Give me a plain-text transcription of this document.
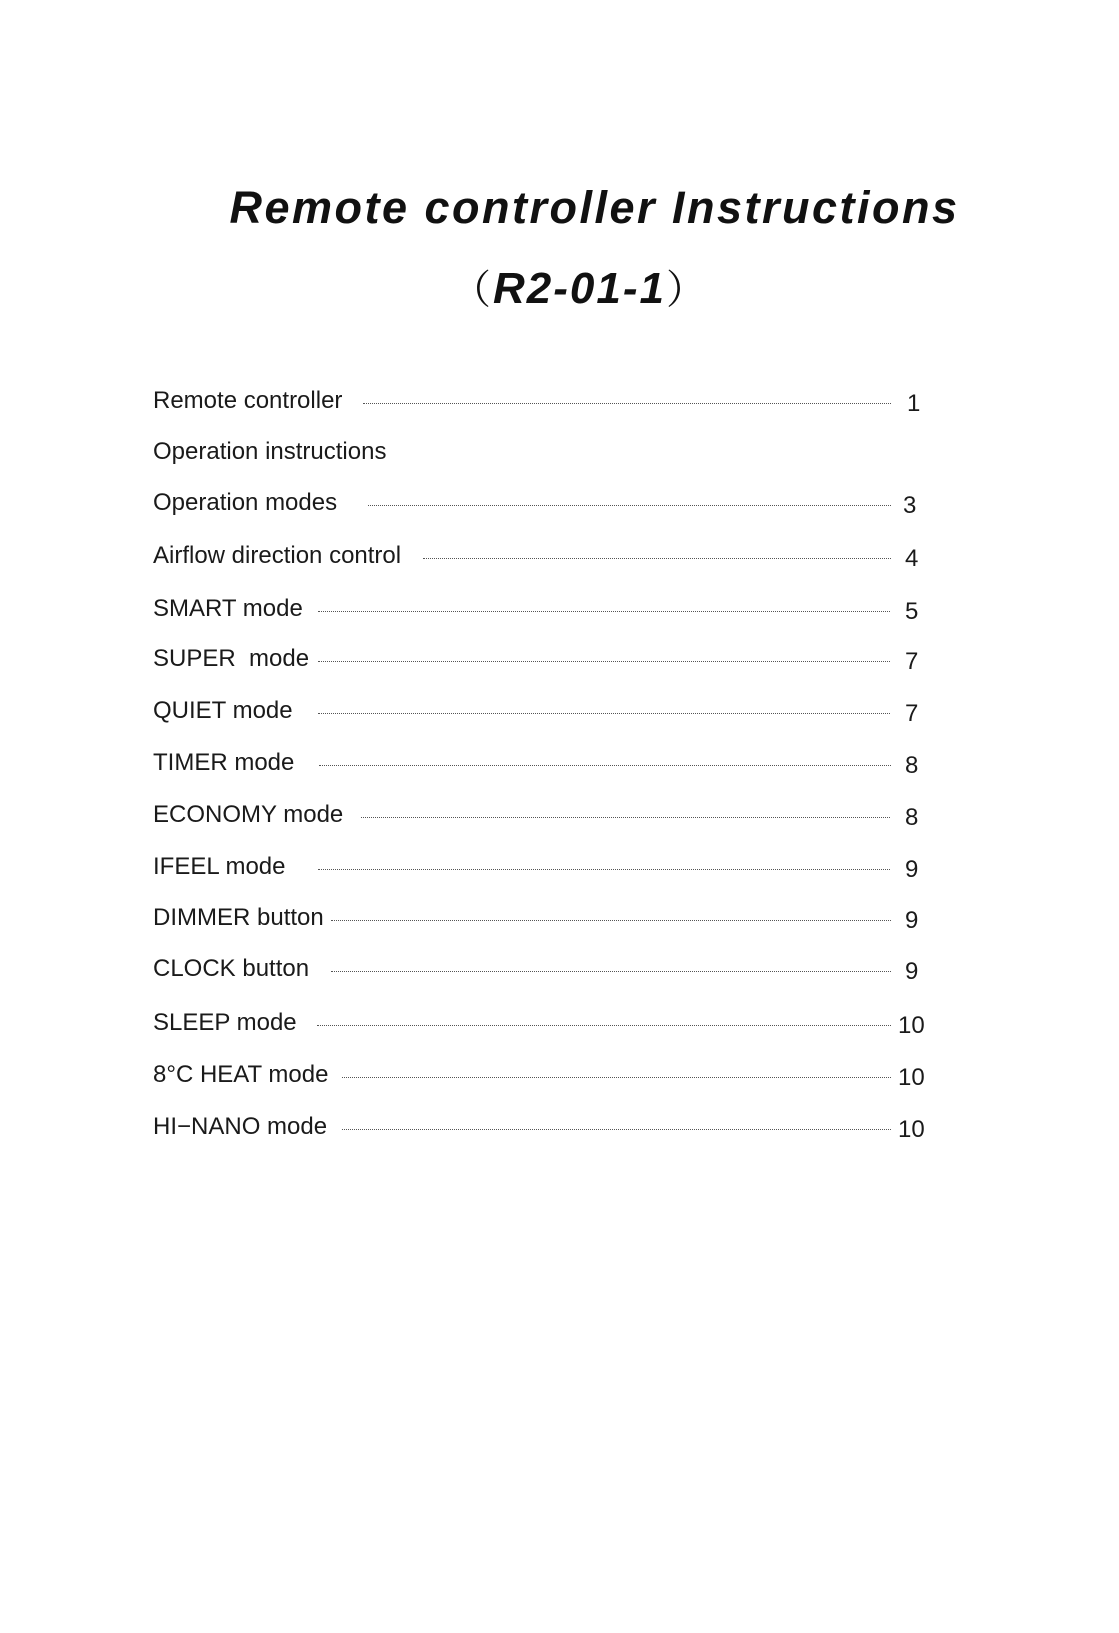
Remote controller Instructions
（R2-01-1）
Remote controller	1
Operation instructions
Operation modes	3
Airflow direction control	4
SMART mode	5
SUPER  mode	7
QUIET mode	7
TIMER mode	8
ECONOMY mode	8
IFEEL mode	9
DIMMER button	9
CLOCK button	9
SLEEP mode	10
8°C HEAT mode	10
HI−NANO mode	10
